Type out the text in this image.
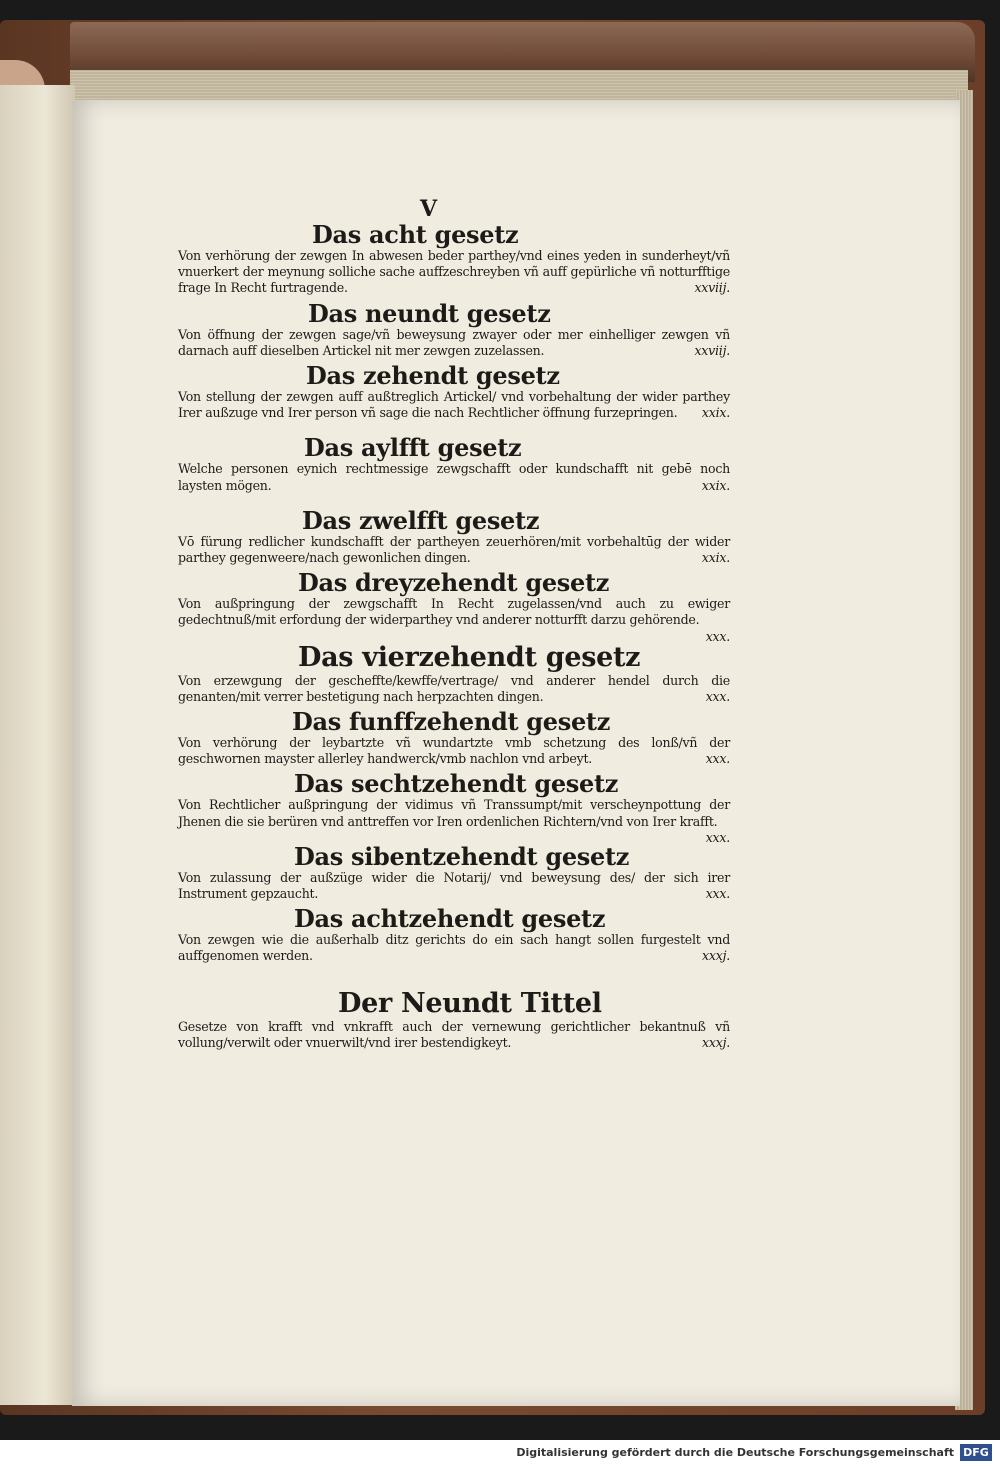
V

Das acht gesetz

Von verhörung der zewgen In abwesen beder parthey/vnd eines yeden in sunderheyt/vñ vnuerkert der meynung solliche sache auffzeschreyben vñ auff gepürliche vñ notturfftige frage In Recht furtragende.	xxviij.

Das neundt gesetz

Von öffnung der zewgen sage/vñ beweysung zwayer oder mer einhelliger zewgen vñ darnach auff dieselben Artickel nit mer zewgen zuzelassen.	xxviij.

Das zehendt gesetz

Von stellung der zewgen auff außtreglich Artickel/ vnd vorbehaltung der wider parthey Irer außzuge vnd Irer person vñ sage die nach Rechtlicher öffnung furzepringen. xxix.

Das aylfft gesetz

Welche personen eynich rechtmessige zewgschafft oder kundschafft nit gebē noch laysten mögen.	xxix.

Das zwelfft gesetz

Vō fürung redlicher kundschafft der partheyen zeuerhören/mit vorbehaltūg der wider parthey gegenweere/nach gewonlichen dingen.	xxix.

Das dreyzehendt gesetz

Von außpringung der zewgschafft In Recht zugelassen/vnd auch zu ewiger gedechtnuß/mit erfordung der widerparthey vnd anderer notturfft darzu gehörende.
xxx.

Das vierzehendt gesetz

Von erzewgung der gescheffte/kewffe/vertrage/ vnd anderer hendel durch die genanten/mit verrer bestetigung nach herpzachten dingen.	xxx.

Das funffzehendt gesetz

Von verhörung der leybartzte vñ wundartzte vmb schetzung des lonß/vñ der geschwornen mayster allerley handwerck/vmb nachlon vnd arbeyt.	xxx.

Das sechtzehendt gesetz

Von Rechtlicher außpringung der vidimus vñ Transsumpt/mit verscheynpottung der Jhenen die sie berüren vnd anttreffen vor Iren ordenlichen Richtern/vnd von Irer krafft.
xxx.

Das sibentzehendt gesetz

Von zulassung der außzüge wider die Notarij/ vnd beweysung des/ der sich irer Instrument gepzaucht.	xxx.

Das achtzehendt gesetz

Von zewgen wie die außerhalb ditz gerichts do ein sach hangt sollen furgestelt vnd auffgenomen werden.	xxxj.

Der Neundt Tittel

Gesetze von krafft vnd vnkrafft auch der vernewung gerichtlicher bekantnuß vñ vollung/verwilt oder vnuerwilt/vnd irer bestendigkeyt.	xxxj.

Digitalisierung gefördert durch die Deutsche Forschungsgemeinschaft DFG
